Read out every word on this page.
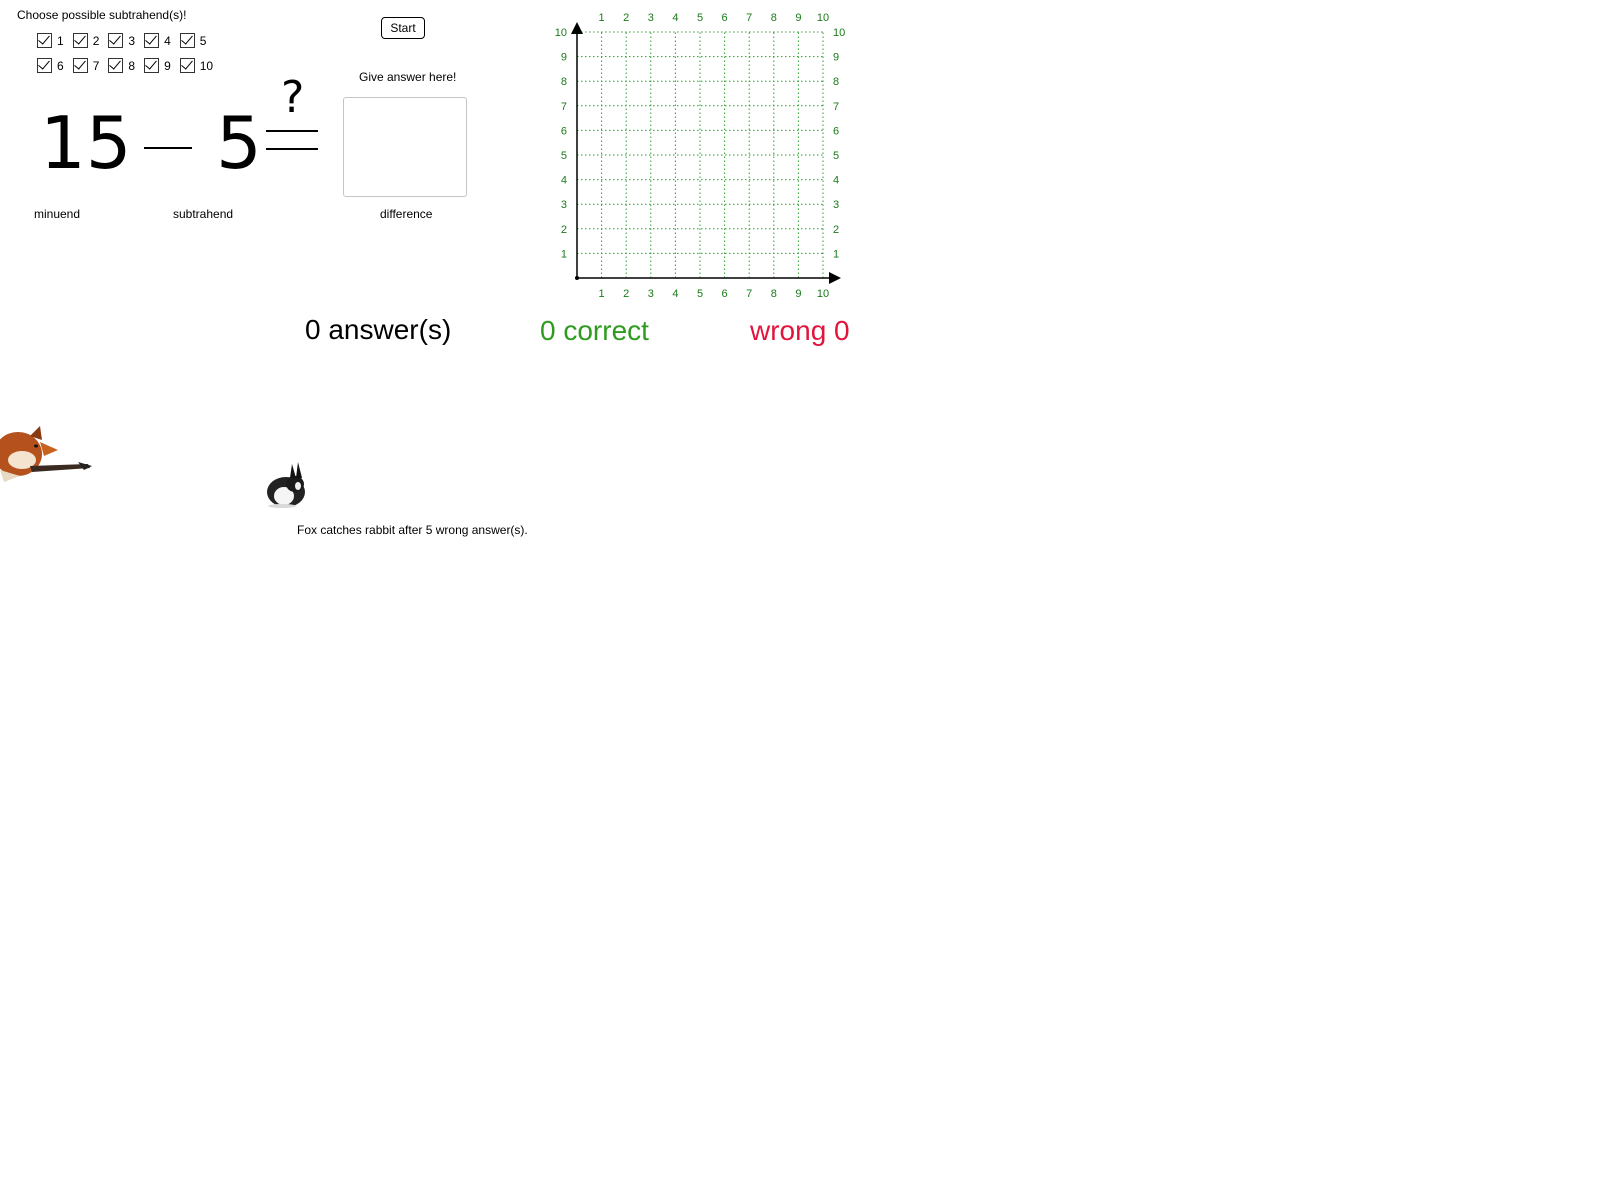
Choose possible subtrahend(s)!
1 2 3 4 5
6 7 8 9 10
Start
15 5
?	Give answer here!
minuend	subtrahend	difference
1
1
2
2
3
3
4
4
5
5
6
6
7
7
8
8
9
9
10
10
1	1
2	2
3	3
4	4
5	5
6	6
7	7
8	8
9	9
10	10
0 answer(s)	0 correct	wrong 0
Fox catches rabbit after 5 wrong answer(s).
